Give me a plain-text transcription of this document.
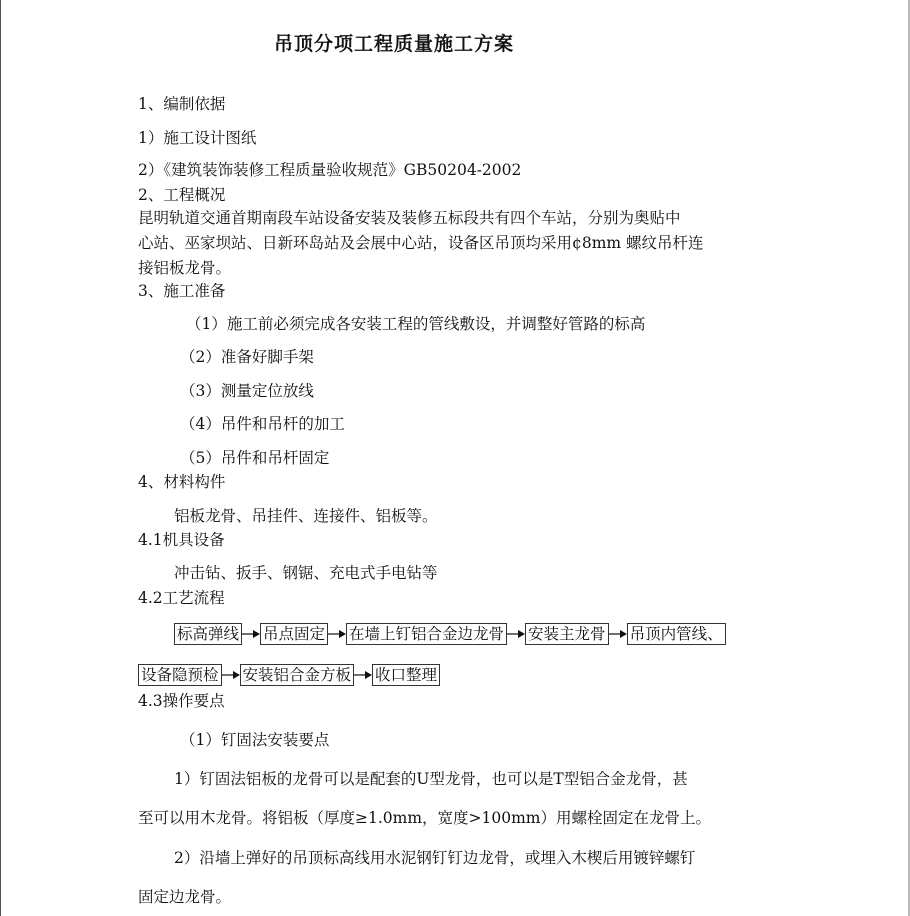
吊顶分项工程质量施工方案
1、编制依据
1）施工设计图纸
2）《建筑装饰装修工程质量验收规范》GB50204-2002
2、工程概况
昆明轨道交通首期南段车站设备安装及装修五标段共有四个车站，分别为奥贴中
心站、巫家坝站、日新环岛站及会展中心站，设备区吊顶均采用¢8mm 螺纹吊杆连
接铝板龙骨。
3、施工准备
（1）施工前必须完成各安装工程的管线敷设，并调整好管路的标高
（2）准备好脚手架
（3）测量定位放线
（4）吊件和吊杆的加工
（5）吊件和吊杆固定
4、材料构件
铝板龙骨、吊挂件、连接件、铝板等。
4.1机具设备
冲击钻、扳手、钢锯、充电式手电钻等
4.2工艺流程
标高弹线 吊点固定 在墙上钉铝合金边龙骨 安装主龙骨 吊顶内管线、
设备隐预检 安装铝合金方板 收口整理
4.3操作要点
（1）钉固法安装要点
1）钉固法铝板的龙骨可以是配套的U型龙骨，也可以是T型铝合金龙骨，甚
至可以用木龙骨。将铝板（厚度≥1.0mm，宽度>100mm）用螺栓固定在龙骨上。
2）沿墙上弹好的吊顶标高线用水泥钢钉钉边龙骨，或埋入木楔后用镀锌螺钉
固定边龙骨。
